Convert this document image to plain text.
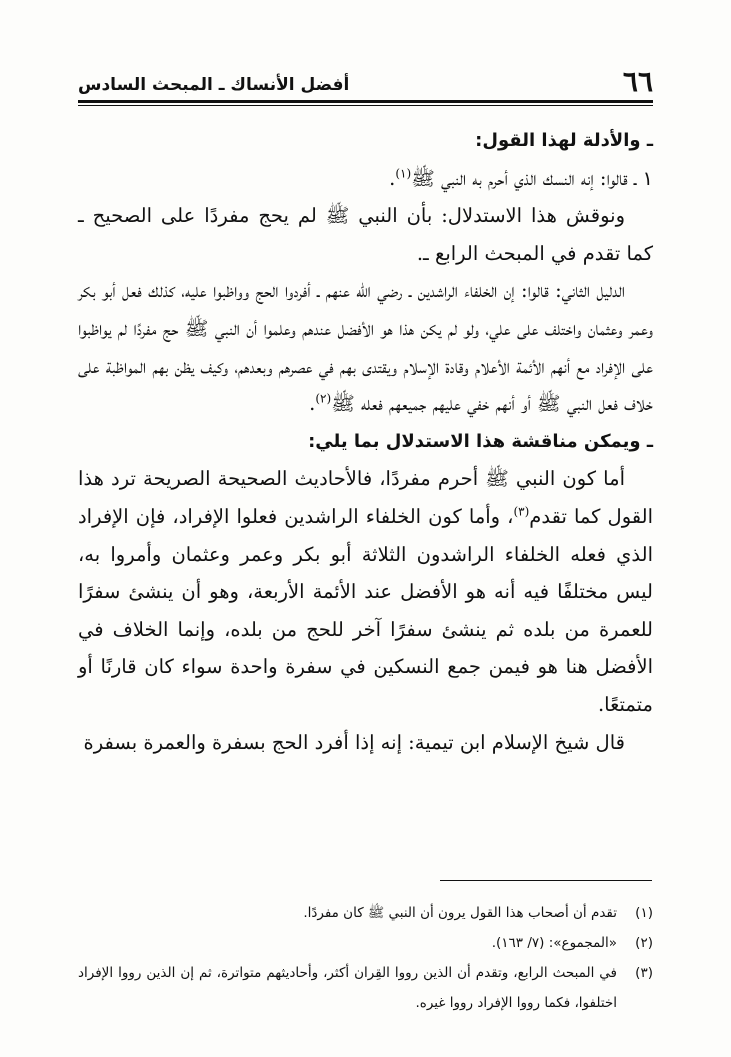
٦٦
أفضل الأنساك ـ المبحث السادس

ـ والأدلة لهذا القول:

١ ـ قالوا: إنه النسك الذي أحرم به النبي ﷺ$^{(١)}$.

ونوقش هذا الاستدلال: بأن النبي ﷺ لم يحج مفردًا على الصحيح ـ كما تقدم في المبحث الرابع ـ.

الدليل الثاني: قالوا: إن الخلفاء الراشدين ـ رضي الله عنهم ـ أفردوا الحج وواظبوا عليه، كذلك فعل أبو بكر وعمر وعثمان واختلف على علي، ولو لم يكن هذا هو الأفضل عندهم وعلموا أن النبي ﷺ حج مفردًا لم يواظبوا على الإفراد مع أنهم الأئمة الأعلام وقادة الإسلام ويقتدى بهم في عصرهم وبعدهم، وكيف يظن بهم المواظبة على خلاف فعل النبي ﷺ أو أنهم خفي عليهم جميعهم فعله ﷺ$^{(٢)}$.

ـ ويمكن مناقشة هذا الاستدلال بما يلي:

أما كون النبي ﷺ أحرم مفردًا، فالأحاديث الصحيحة الصريحة ترد هذا القول كما تقدم$^{(٣)}$، وأما كون الخلفاء الراشدين فعلوا الإفراد، فإن الإفراد الذي فعله الخلفاء الراشدون الثلاثة أبو بكر وعمر وعثمان وأمروا به، ليس مختلفًا فيه أنه هو الأفضل عند الأئمة الأربعة، وهو أن ينشئ سفرًا للعمرة من بلده ثم ينشئ سفرًا آخر للحج من بلده، وإنما الخلاف في الأفضل هنا هو فيمن جمع النسكين في سفرة واحدة سواء كان قارنًا أو متمتعًا.

قال شيخ الإسلام ابن تيمية: إنه إذا أفرد الحج بسفرة والعمرة بسفرة

(١)
تقدم أن أصحاب هذا القول يرون أن النبي ﷺ كان مفردًا.
(٢)
«المجموع»: (٧/ ١٦٣).
(٣)
في المبحث الرابع، وتقدم أن الذين رووا القِران أكثر، وأحاديثهم متواترة، ثم إن الذين رووا الإفراد اختلفوا، فكما رووا الإفراد رووا غيره.
